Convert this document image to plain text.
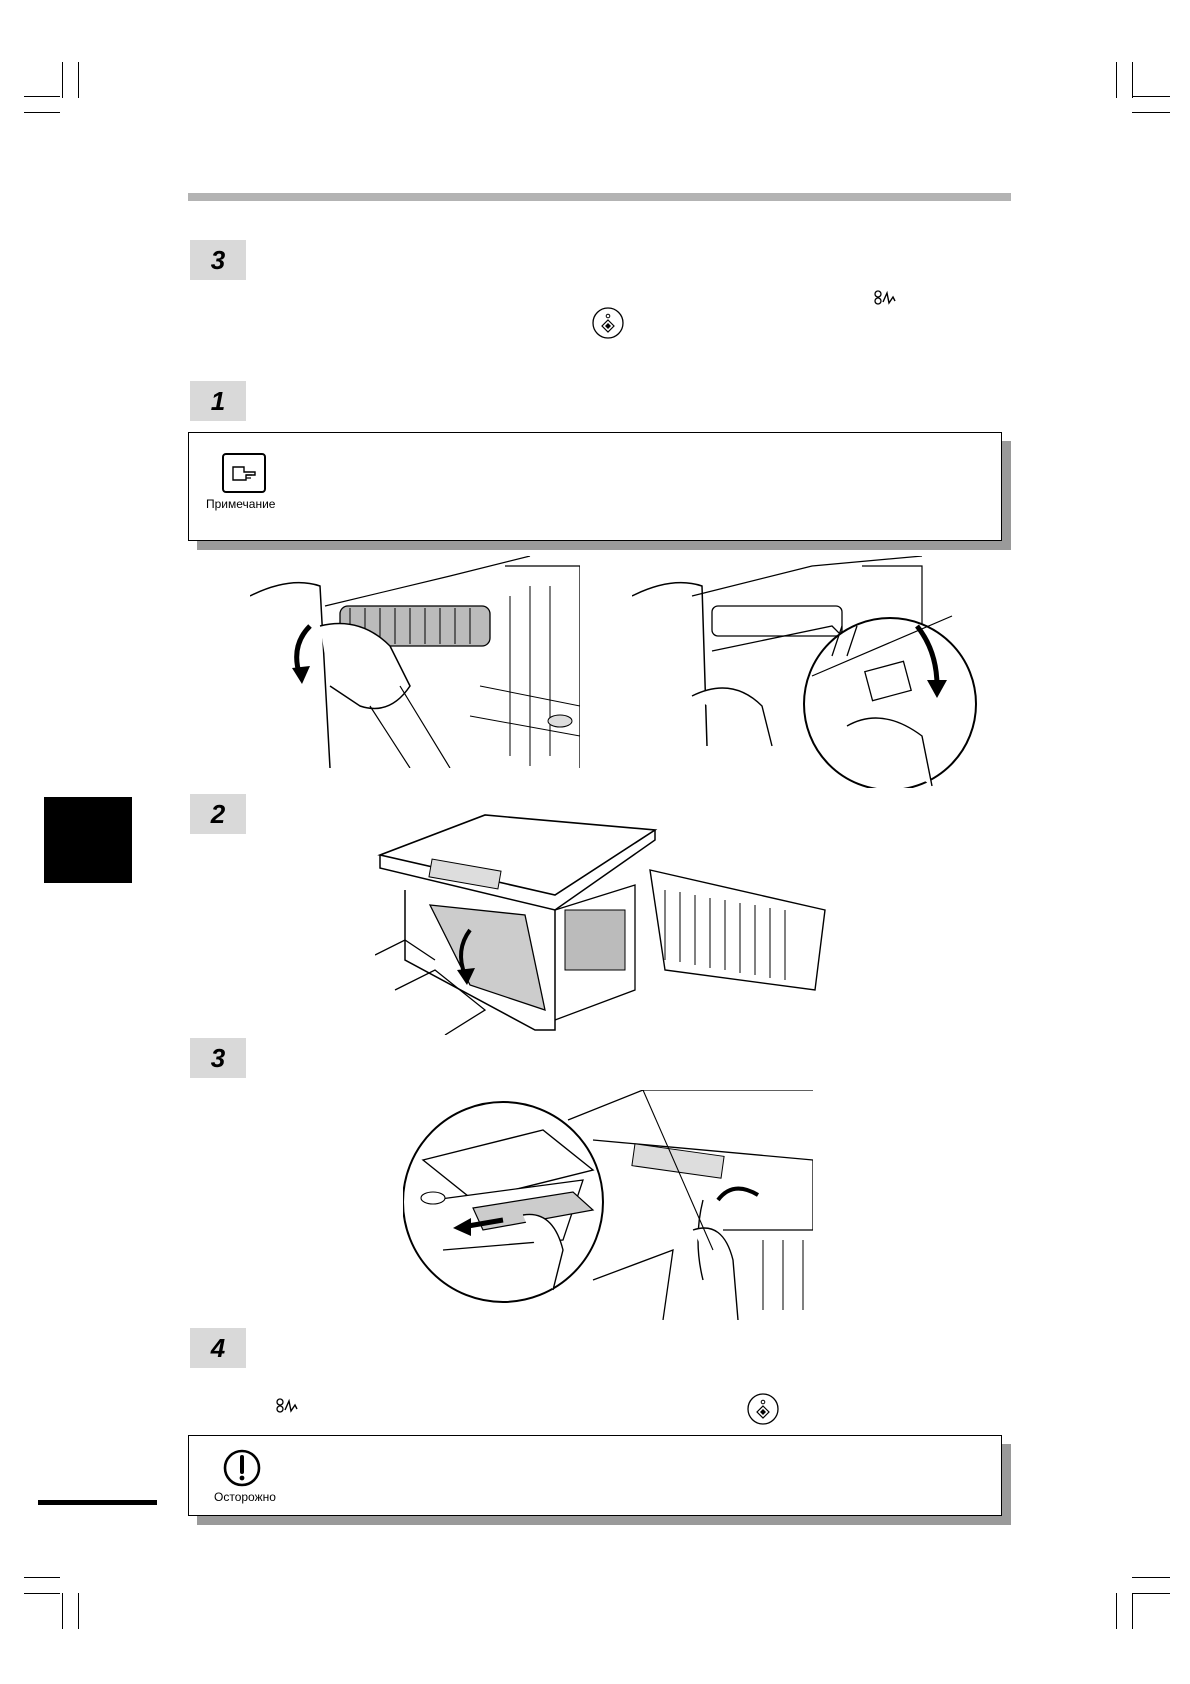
3
1
Примечание
2
3
4
Осторожно
